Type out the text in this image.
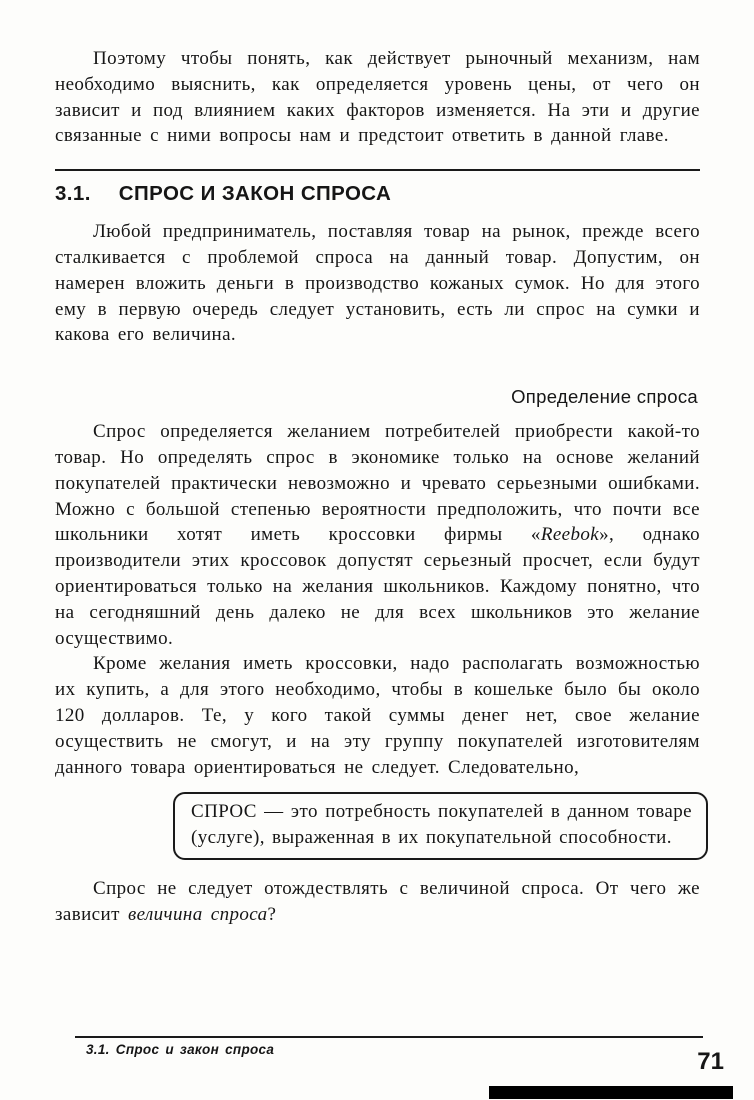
Поэтому чтобы понять, как действует рыночный механизм, нам необходимо выяснить, как определяется уровень цены, от чего он зависит и под влиянием каких факторов изменяется. На эти и другие связанные с ними вопросы нам и предстоит ответить в данной главе.

3.1. СПРОС И ЗАКОН СПРОСА

Любой предприниматель, поставляя товар на рынок, прежде всего сталкивается с проблемой спроса на данный товар. Допустим, он намерен вложить деньги в производство кожаных сумок. Но для этого ему в первую очередь следует установить, есть ли спрос на сумки и какова его величина.

Определение спроса

Спрос определяется желанием потребителей приобрести какой-то товар. Но определять спрос в экономике только на основе желаний покупателей практически невозможно и чревато серьезными ошибками. Можно с большой степенью вероятности предположить, что почти все школьники хотят иметь кроссовки фирмы «Reebok», однако производители этих кроссовок допустят серьезный просчет, если будут ориентироваться только на желания школьников. Каждому понятно, что на сегодняшний день далеко не для всех школьников это желание осуществимо.

Кроме желания иметь кроссовки, надо располагать возможностью их купить, а для этого необходимо, чтобы в кошельке было бы около 120 долларов. Те, у кого такой суммы денег нет, свое желание осуществить не смогут, и на эту группу покупателей изготовителям данного товара ориентироваться не следует. Следовательно,

СПРОС — это потребность покупателей в данном товаре (услуге), выраженная в их покупательной способности.

Спрос не следует отождествлять с величиной спроса. От чего же зависит величина спроса?

3.1. Спрос и закон спроса	71
